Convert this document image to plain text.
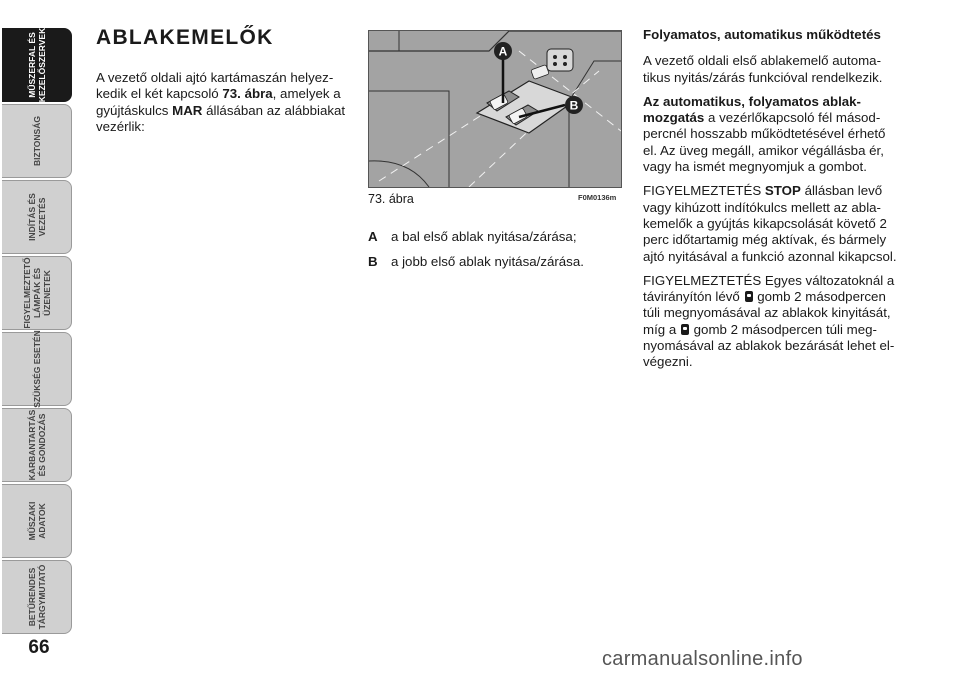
MŰSZERFAL ÉS
KEZELŐSZERVEK
BIZTONSÁG
INDÍTÁS ÉS
VEZETÉS
FIGYELMEZTETŐ
LÁMPÁK ÉS
ÜZENETEK
SZÜKSÉG ESETÉN
KARBANTARTÁS
ÉS GONDOZÁS
MŰSZAKI
ADATOK
BETŰRENDES
TÁRGYMUTATÓ
66
ABLAKEMELŐK

A vezető oldali ajtó kartámaszán helyez-kedik el két kapcsoló 73. ábra, amelyek a gyújtáskulcs MAR állásában az alábbiakat vezérlik:

A
B
73. ábra	F0M0136m
A	a bal első ablak nyitása/zárása;
B	a jobb első ablak nyitása/zárása.
Folyamatos, automatikus működtetés

A vezető oldali első ablakemelő automa-tikus nyitás/zárás funkcióval rendelkezik.

Az automatikus, folyamatos ablak-mozgatás a vezérlőkapcsoló fél másod-percnél hosszabb működtetésével érhető el. Az üveg megáll, amikor végállásba ér, vagy ha ismét megnyomjuk a gombot.

FIGYELMEZTETÉS STOP állásban levő vagy kihúzott indítókulcs mellett az abla-kemelők a gyújtás kikapcsolását követő 2 perc időtartamig még aktívak, és bármely ajtó nyitásával a funkció azonnal kikapcsol.

FIGYELMEZTETÉS Egyes változatoknál a távirányítón lévő  gomb 2 másodpercen túli megnyomásával az ablakok kinyitását, míg a  gomb 2 másodpercen túli meg-nyomásával az ablakok bezárását lehet el-végezni.

carmanualsonline.info
